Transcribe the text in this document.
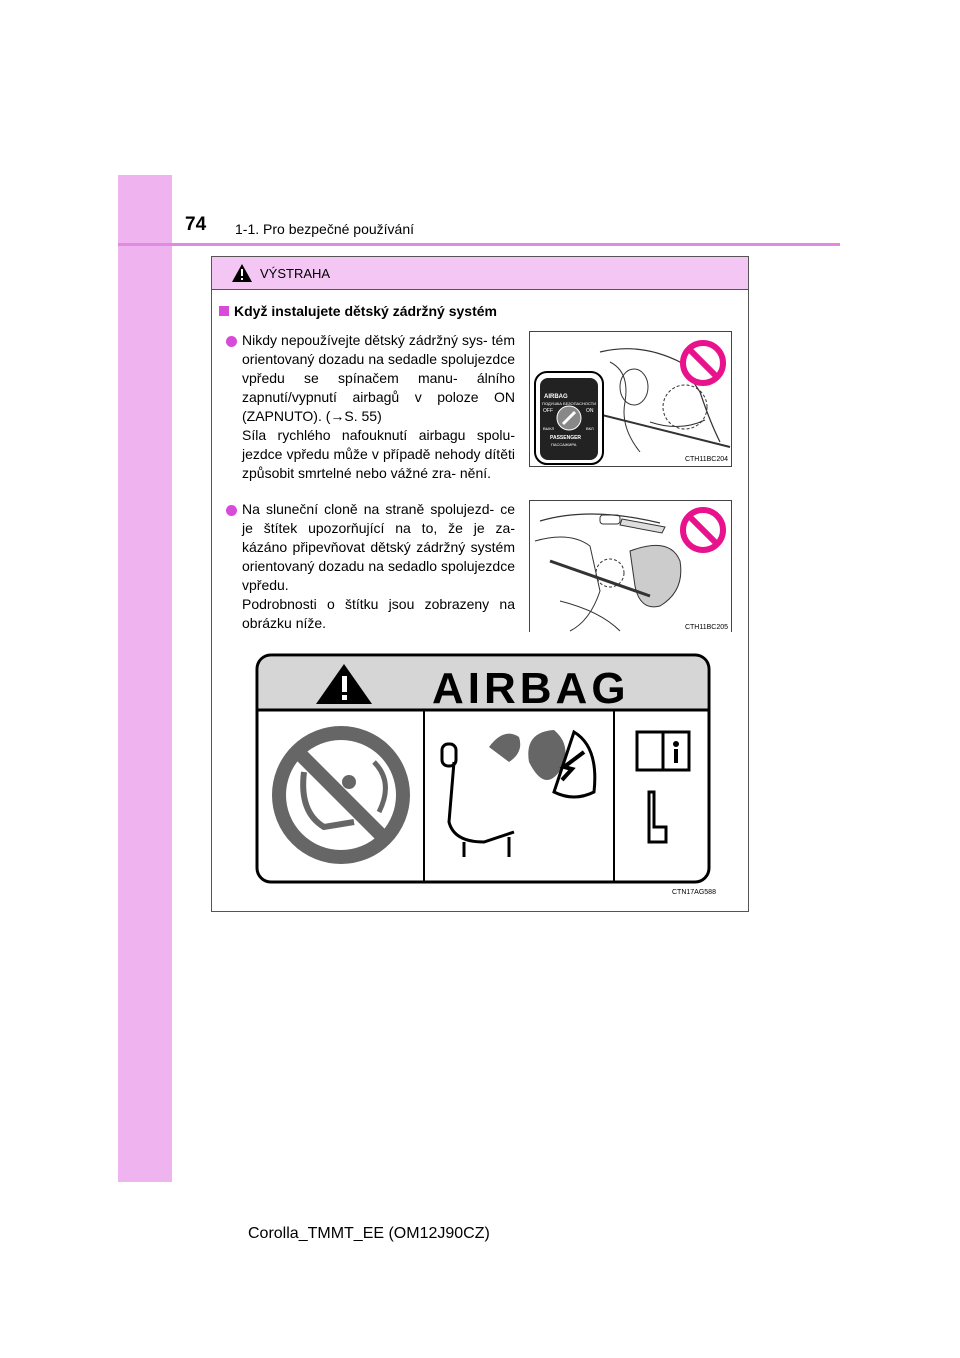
74 1-1. Pro bezpečné používání
VÝSTRAHA
Když instalujete dětský zádržný systém

Nikdy nepoužívejte dětský zádržný sys- tém orientovaný dozadu na sedadle spolujezdce vpředu se spínačem manu- álního zapnutí/vypnutí airbagů v poloze ON (ZAPNUTO). (→S. 55)

Síla rychlého nafouknutí airbagu spolu- jezdce vpředu může v případě nehody dítěti způsobit smrtelné nebo vážné zra- nění.

Na sluneční cloně na straně spolujezd- ce je štítek upozorňující na to, že je za- kázáno připevňovat dětský zádržný systém orientovaný dozadu na sedadlo spolujezdce vpředu.

Podrobnosti o štítku jsou zobrazeny na obrázku níže.

AIRBAG
ПОДУШКА БЕЗОПАСНОСТИ
OFF	ON
ВЫКЛ	ВКЛ
PASSENGER
ПАССАЖИРА
CTH11BC204
CTH11BC205
AIRBAG
CTN17AG588
Corolla_TMMT_EE (OM12J90CZ)
